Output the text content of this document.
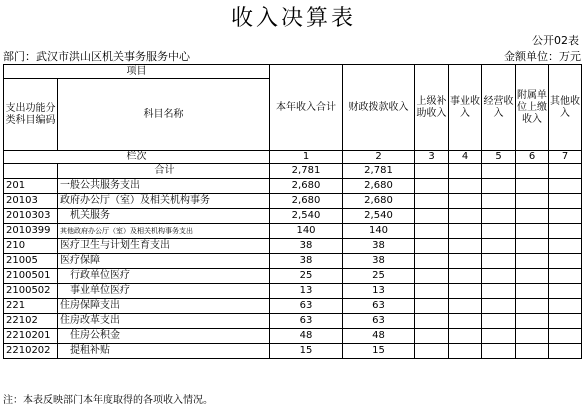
收入决算表
公开02表
部门：武汉市洪山区机关事务服务中心	金额单位：万元
项目		本年收入合计	财政拨款收入	上级补助收入	事业收入	经营收入	附属单位上缴收入	其他收入
支出功能分类科目编码	科目名称							
栏次		1	2	3	4	5	6	7
	合计	2,781	2,781					
201	一般公共服务支出	2,680	2,680					
20103	政府办公厅（室）及相关机构事务	2,680	2,680					
2010303	机关服务	2,540	2,540					
2010399	其他政府办公厅（室）及相关机构事务支出	140	140					
210	医疗卫生与计划生育支出	38	38					
21005	医疗保障	38	38					
2100501	行政单位医疗	25	25					
2100502	事业单位医疗	13	13					
221	住房保障支出	63	63					
22102	住房改革支出	63	63					
2210201	住房公积金	48	48					
2210202	提租补贴	15	15					
注：本表反映部门本年度取得的各项收入情况。
